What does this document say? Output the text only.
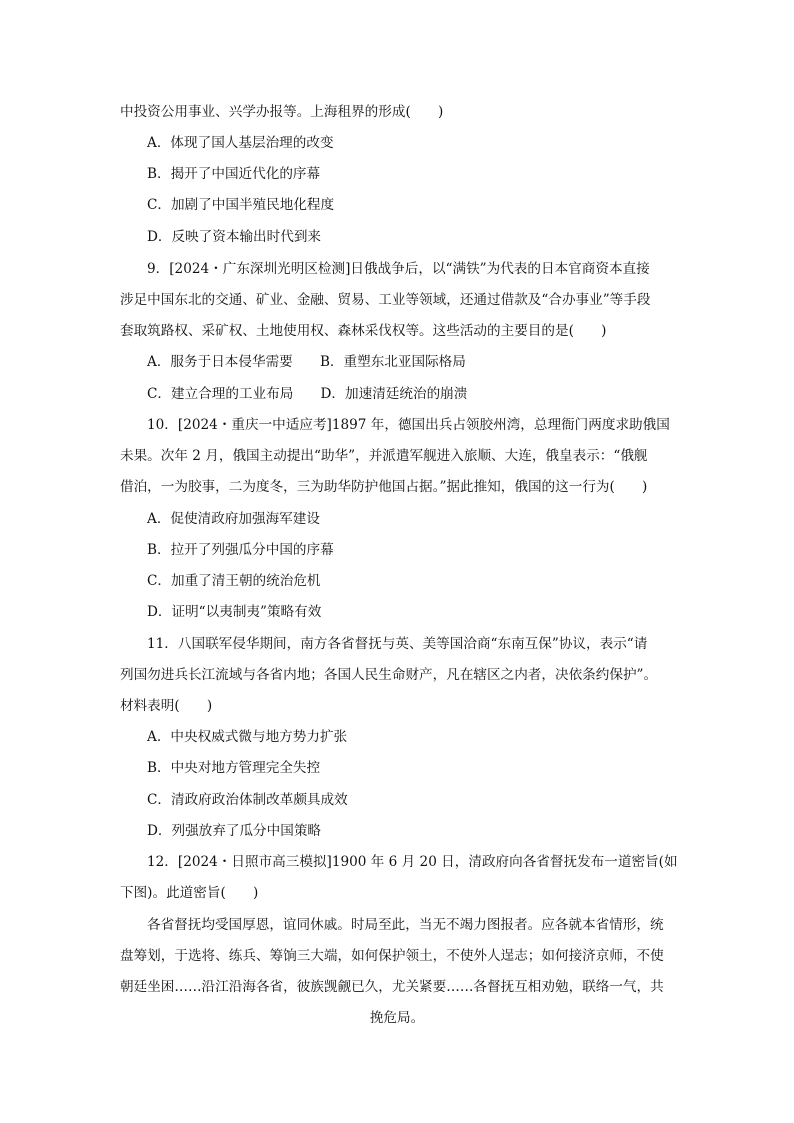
中投资公用事业、兴学办报等。上海租界的形成(　　)
A．体现了国人基层治理的改变
B．揭开了中国近代化的序幕
C．加剧了中国半殖民地化程度
D．反映了资本输出时代到来
9．[2024・广东深圳光明区检测]日俄战争后，以“满铁”为代表的日本官商资本直接
涉足中国东北的交通、矿业、金融、贸易、工业等领域，还通过借款及“合办事业”等手段
套取筑路权、采矿权、土地使用权、森林采伐权等。这些活动的主要目的是(　　)
A．服务于日本侵华需要　　B．重塑东北亚国际格局
C．建立合理的工业布局　　D．加速清廷统治的崩溃
10．[2024・重庆一中适应考]1897 年，德国出兵占领胶州湾，总理衙门两度求助俄国
未果。次年 2 月，俄国主动提出“助华”，并派遣军舰进入旅顺、大连，俄皇表示：“俄舰
借泊，一为胶事，二为度冬，三为助华防护他国占据。”据此推知，俄国的这一行为(　　)
A．促使清政府加强海军建设
B．拉开了列强瓜分中国的序幕
C．加重了清王朝的统治危机
D．证明“以夷制夷”策略有效
11．八国联军侵华期间，南方各省督抚与英、美等国洽商“东南互保”协议，表示“请
列国勿进兵长江流域与各省内地；各国人民生命财产，凡在辖区之内者，决依条约保护”。
材料表明(　　)
A．中央权威式微与地方势力扩张
B．中央对地方管理完全失控
C．清政府政治体制改革颇具成效
D．列强放弃了瓜分中国策略
12．[2024・日照市高三模拟]1900 年 6 月 20 日，清政府向各省督抚发布一道密旨(如
下图)。此道密旨(　　)
各省督抚均受国厚恩，谊同休戚。时局至此，当无不竭力图报者。应各就本省情形，统
盘筹划，于选将、练兵、筹饷三大端，如何保护领土，不使外人逞志；如何接济京师，不使
朝廷坐困……沿江沿海各省，彼族觊觎已久，尤关紧要……各督抚互相劝勉，联络一气，共
挽危局。
